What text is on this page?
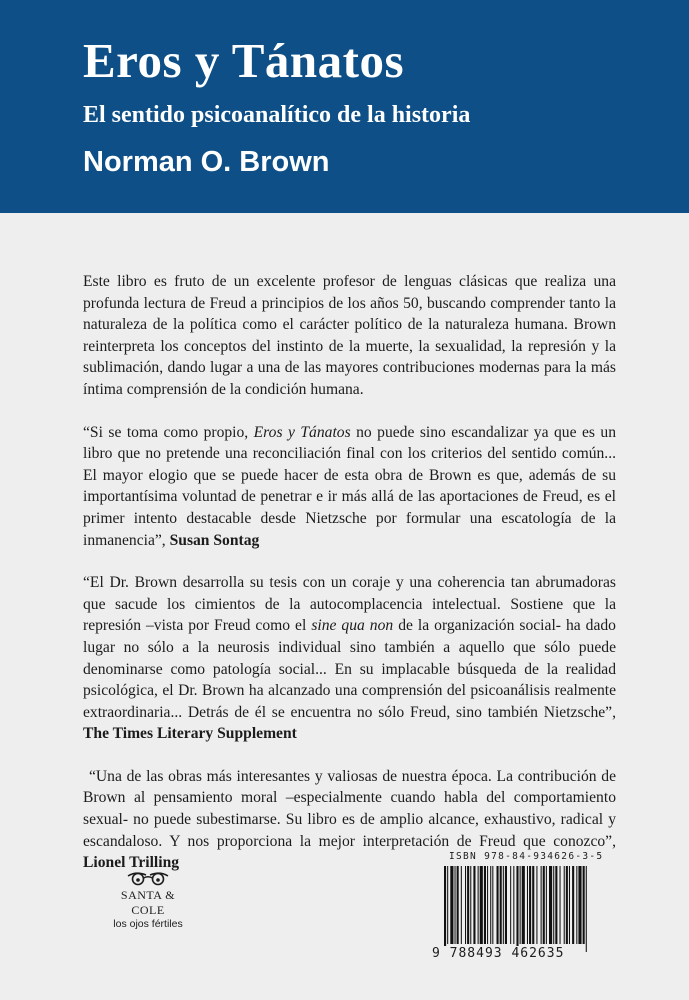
Eros y Tánatos
El sentido psicoanalítico de la historia
Norman O. Brown

Este libro es fruto de un excelente profesor de lenguas clásicas que realiza una profunda lectura de Freud a principios de los años 50, buscando comprender tanto la naturaleza de la política como el carácter político de la naturaleza humana. Brown reinterpreta los conceptos del instinto de la muerte, la sexualidad, la represión y la sublimación, dando lugar a una de las mayores contribuciones modernas para la más íntima comprensión de la condición humana.

“Si se toma como propio, Eros y Tánatos no puede sino escandalizar ya que es un libro que no pretende una reconciliación final con los criterios del sentido común... El mayor elogio que se puede hacer de esta obra de Brown es que, además de su importantísima voluntad de penetrar e ir más allá de las aportaciones de Freud, es el primer intento destacable desde Nietzsche por formular una escatología de la inmanencia”, Susan Sontag

“El Dr. Brown desarrolla su tesis con un coraje y una coherencia tan abrumadoras que sacude los cimientos de la autocomplacencia intelectual. Sostiene que la represión –vista por Freud como el sine qua non de la organización social- ha dado lugar no sólo a la neurosis individual sino también a aquello que sólo puede denominarse como patología social... En su implacable búsqueda de la realidad psicológica, el Dr. Brown ha alcanzado una comprensión del psicoanálisis realmente extraordinaria... Detrás de él se encuentra no sólo Freud, sino también Nietzsche”, The Times Literary Supplement

“Una de las obras más interesantes y valiosas de nuestra época. La contribución de Brown al pensamiento moral –especialmente cuando habla del comportamiento sexual- no puede subestimarse. Su libro es de amplio alcance, exhaustivo, radical y escandaloso. Y nos proporciona la mejor interpretación de Freud que conozco”, Lionel Trilling

SANTA & COLE
los ojos fértiles
ISBN 978-84-934626-3-5
9 788493 462635
